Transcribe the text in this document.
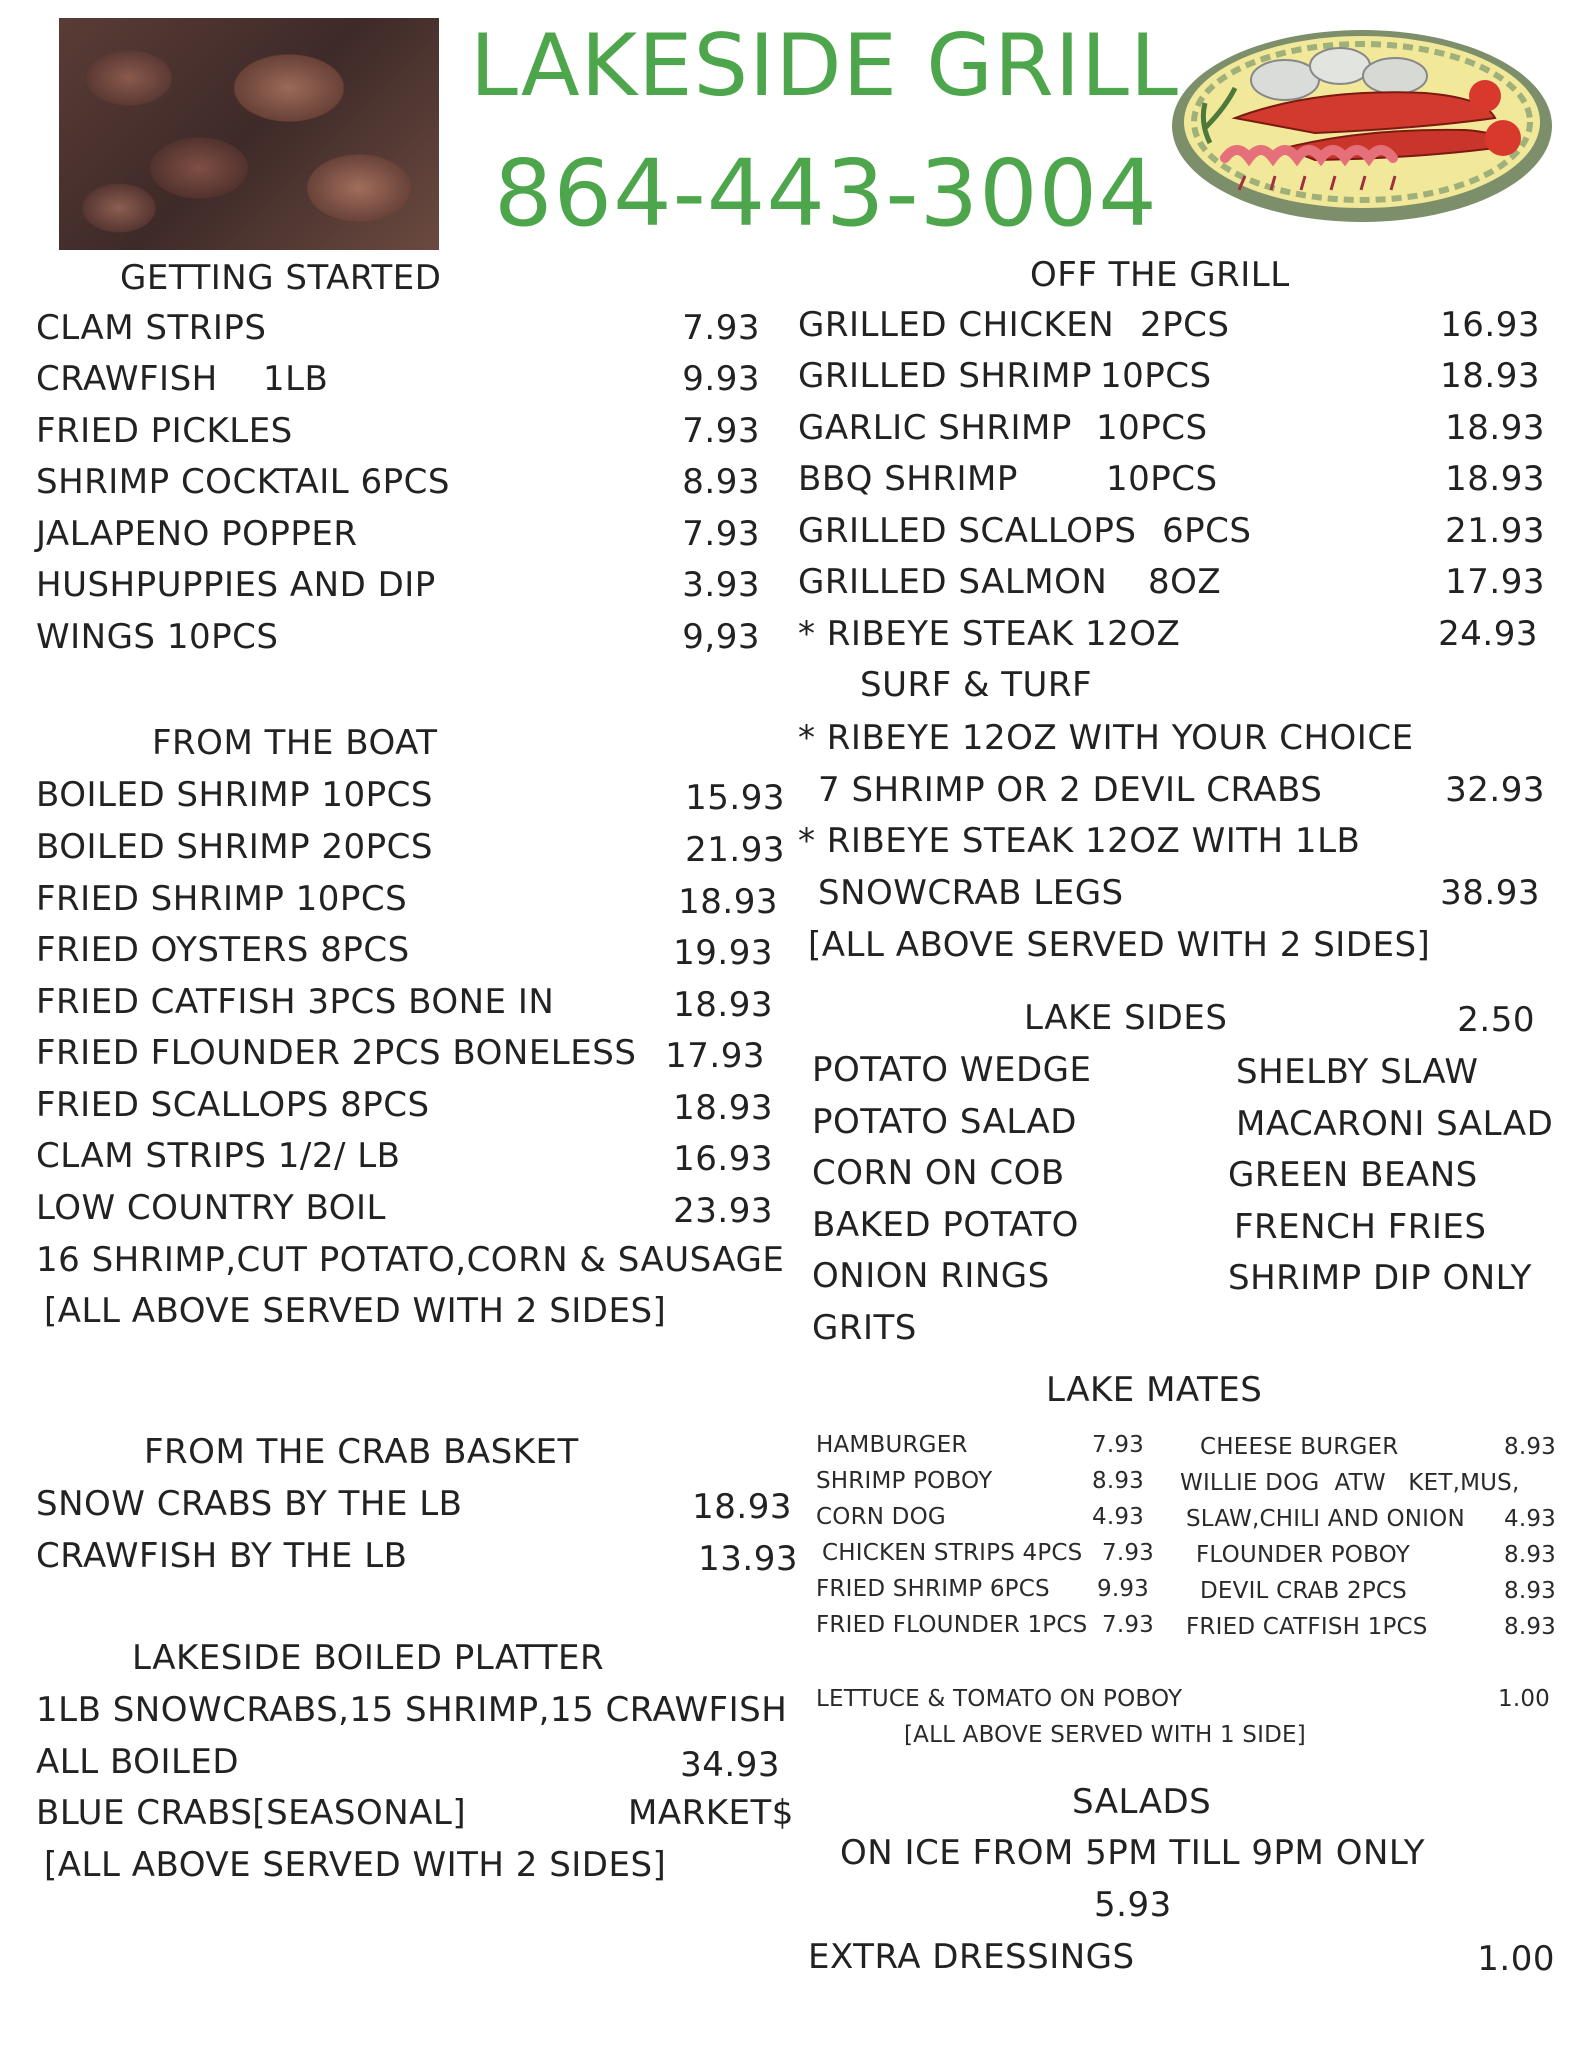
LAKESIDE GRILL
864-443-3004
GETTING STARTED
CLAM STRIPS	7.93
CRAWFISH    1LB	9.93
FRIED PICKLES	7.93
SHRIMP COCKTAIL 6PCS	8.93
JALAPENO POPPER	7.93
HUSHPUPPIES AND DIP	3.93
WINGS 10PCS	9,93
FROM THE BOAT
BOILED SHRIMP 10PCS	15.93
BOILED SHRIMP 20PCS	21.93
FRIED SHRIMP 10PCS	18.93
FRIED OYSTERS 8PCS	19.93
FRIED CATFISH 3PCS BONE IN	18.93
FRIED FLOUNDER 2PCS BONELESS 17.93
FRIED SCALLOPS 8PCS	18.93
CLAM STRIPS 1/2/ LB	16.93
LOW COUNTRY BOIL	23.93
16 SHRIMP,CUT POTATO,CORN & SAUSAGE
[ALL ABOVE SERVED WITH 2 SIDES]
FROM THE CRAB BASKET
SNOW CRABS BY THE LB	18.93
CRAWFISH BY THE LB	13.93
LAKESIDE BOILED PLATTER
1LB SNOWCRABS,15 SHRIMP,15 CRAWFISH
ALL BOILED	34.93
BLUE CRABS[SEASONAL]	MARKET$
[ALL ABOVE SERVED WITH 2 SIDES]
OFF THE GRILL
GRILLED CHICKEN 2PCS	16.93
GRILLED SHRIMP 10PCS	18.93
GARLIC SHRIMP 10PCS	18.93
BBQ SHRIMP	10PCS	18.93
GRILLED SCALLOPS 6PCS	21.93
GRILLED SALMON 8OZ	17.93
* RIBEYE STEAK 12OZ	24.93
SURF & TURF
* RIBEYE 12OZ WITH YOUR CHOICE
7 SHRIMP OR 2 DEVIL CRABS	32.93
* RIBEYE STEAK 12OZ WITH 1LB
SNOWCRAB LEGS	38.93
[ALL ABOVE SERVED WITH 2 SIDES]
LAKE SIDES	2.50
POTATO WEDGE
POTATO SALAD
CORN ON COB
BAKED POTATO
ONION RINGS
GRITS
SHELBY SLAW
MACARONI SALAD
GREEN BEANS
FRENCH FRIES
SHRIMP DIP ONLY
LAKE MATES
HAMBURGER	7.93
SHRIMP POBOY	8.93
CORN DOG	4.93
CHICKEN STRIPS 4PCS 7.93
FRIED SHRIMP 6PCS	9.93
FRIED FLOUNDER 1PCS 7.93
CHEESE BURGER	8.93
WILLIE DOG  ATW   KET,MUS,
SLAW,CHILI AND ONION	4.93
FLOUNDER POBOY	8.93
DEVIL CRAB 2PCS	8.93
FRIED CATFISH 1PCS	8.93
LETTUCE & TOMATO ON POBOY	1.00
[ALL ABOVE SERVED WITH 1 SIDE]
SALADS
ON ICE FROM 5PM TILL 9PM ONLY
5.93
EXTRA DRESSINGS	1.00
